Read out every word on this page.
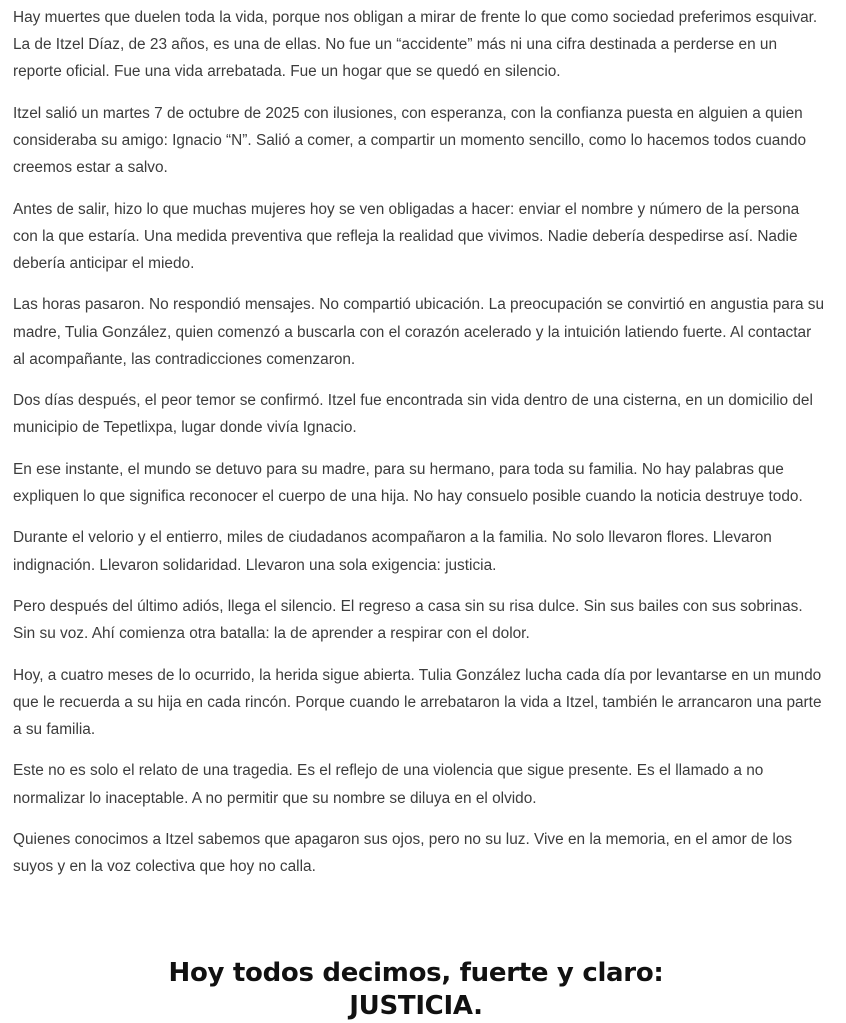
Hay muertes que duelen toda la vida, porque nos obligan a mirar de frente lo que como sociedad preferimos esquivar. La de Itzel Díaz, de 23 años, es una de ellas. No fue un “accidente” más ni una cifra destinada a perderse en un reporte oficial. Fue una vida arrebatada. Fue un hogar que se quedó en silencio.

Itzel salió un martes 7 de octubre de 2025 con ilusiones, con esperanza, con la confianza puesta en alguien a quien consideraba su amigo: Ignacio “N”. Salió a comer, a compartir un momento sencillo, como lo hacemos todos cuando creemos estar a salvo.

Antes de salir, hizo lo que muchas mujeres hoy se ven obligadas a hacer: enviar el nombre y número de la persona con la que estaría. Una medida preventiva que refleja la realidad que vivimos. Nadie debería despedirse así. Nadie debería anticipar el miedo.

Las horas pasaron. No respondió mensajes. No compartió ubicación. La preocupación se convirtió en angustia para su madre, Tulia González, quien comenzó a buscarla con el corazón acelerado y la intuición latiendo fuerte. Al contactar al acompañante, las contradicciones comenzaron.

Dos días después, el peor temor se confirmó. Itzel fue encontrada sin vida dentro de una cisterna, en un domicilio del municipio de Tepetlixpa, lugar donde vivía Ignacio.

En ese instante, el mundo se detuvo para su madre, para su hermano, para toda su familia. No hay palabras que expliquen lo que significa reconocer el cuerpo de una hija. No hay consuelo posible cuando la noticia destruye todo.

Durante el velorio y el entierro, miles de ciudadanos acompañaron a la familia. No solo llevaron flores. Llevaron indignación. Llevaron solidaridad. Llevaron una sola exigencia: justicia.

Pero después del último adiós, llega el silencio. El regreso a casa sin su risa dulce. Sin sus bailes con sus sobrinas. Sin su voz. Ahí comienza otra batalla: la de aprender a respirar con el dolor.

Hoy, a cuatro meses de lo ocurrido, la herida sigue abierta. Tulia González lucha cada día por levantarse en un mundo que le recuerda a su hija en cada rincón. Porque cuando le arrebataron la vida a Itzel, también le arrancaron una parte a su familia.

Este no es solo el relato de una tragedia. Es el reflejo de una violencia que sigue presente. Es el llamado a no normalizar lo inaceptable. A no permitir que su nombre se diluya en el olvido.

Quienes conocimos a Itzel sabemos que apagaron sus ojos, pero no su luz. Vive en la memoria, en el amor de los suyos y en la voz colectiva que hoy no calla.

Hoy todos decimos, fuerte y claro:
JUSTICIA.
